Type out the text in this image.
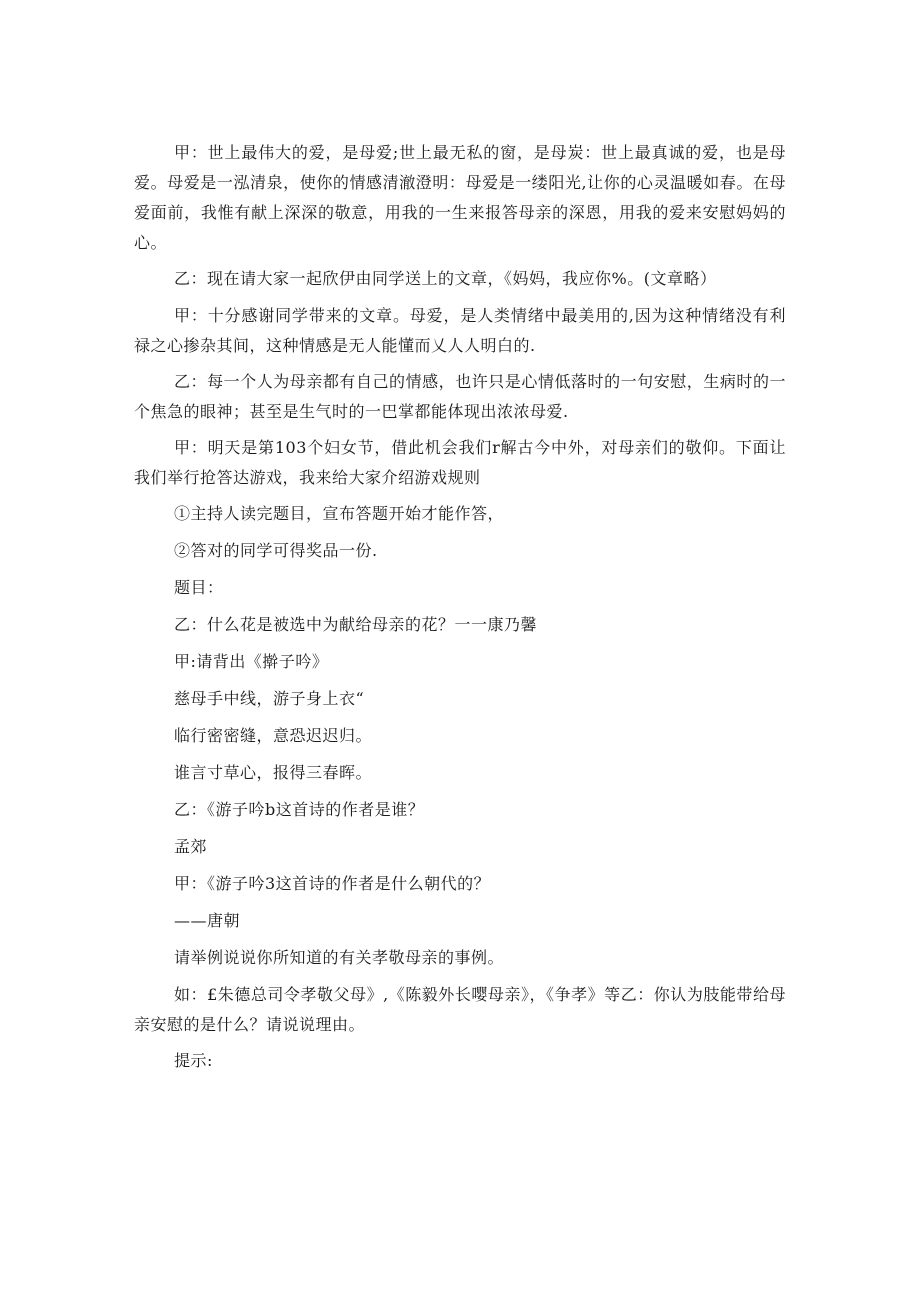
甲：世上最伟大的爱，是母爱;世上最无私的窗，是母炭：世上最真诚的爱，也是母爱。母爱是一泓清泉，使你的情感清澈澄明：母爱是一缕阳光,让你的心灵温暖如春。在母爱面前，我惟有献上深深的敬意，用我的一生来报答母亲的深恩，用我的爱来安慰妈妈的心。

乙：现在请大家一起欣伊由同学送上的文章，《妈妈，我应你%。(文章略）

甲：十分感谢同学带来的文章。母爱，是人类情绪中最美用的,因为这种情绪没有利禄之心掺杂其间，这种情感是无人能懂而乂人人明白的.

乙：每一个人为母亲都有自己的情感，也许只是心情低落时的一句安慰，生病时的一个焦急的眼神；甚至是生气时的一巴掌都能体现出浓浓母爱.

甲：明天是第103个妇女节，借此机会我们r解古今中外，对母亲们的敬仰。下面让我们举行抢答达游戏，我来给大家介绍游戏规则

①主持人读完题目，宣布答题开始才能作答，

②答对的同学可得奖品一份.

题目：

乙：什么花是被选中为献给母亲的花？一一康乃馨

甲:请背出《擀子吟》

慈母手中线，游子身上衣“

临行密密缝，意恐迟迟归。

谁言寸草心，报得三春晖。

乙：《游子吟b这首诗的作者是谁？

孟郊

甲：《游子吟3这首诗的作者是什么朝代的？

——唐朝

请举例说说你所知道的有关孝敬母亲的事例。

如：£朱德总司令孝敬父母》,《陈毅外长嘤母亲》，《争孝》等乙：你认为肢能带给母亲安慰的是什么？请说说理由。

提示:
